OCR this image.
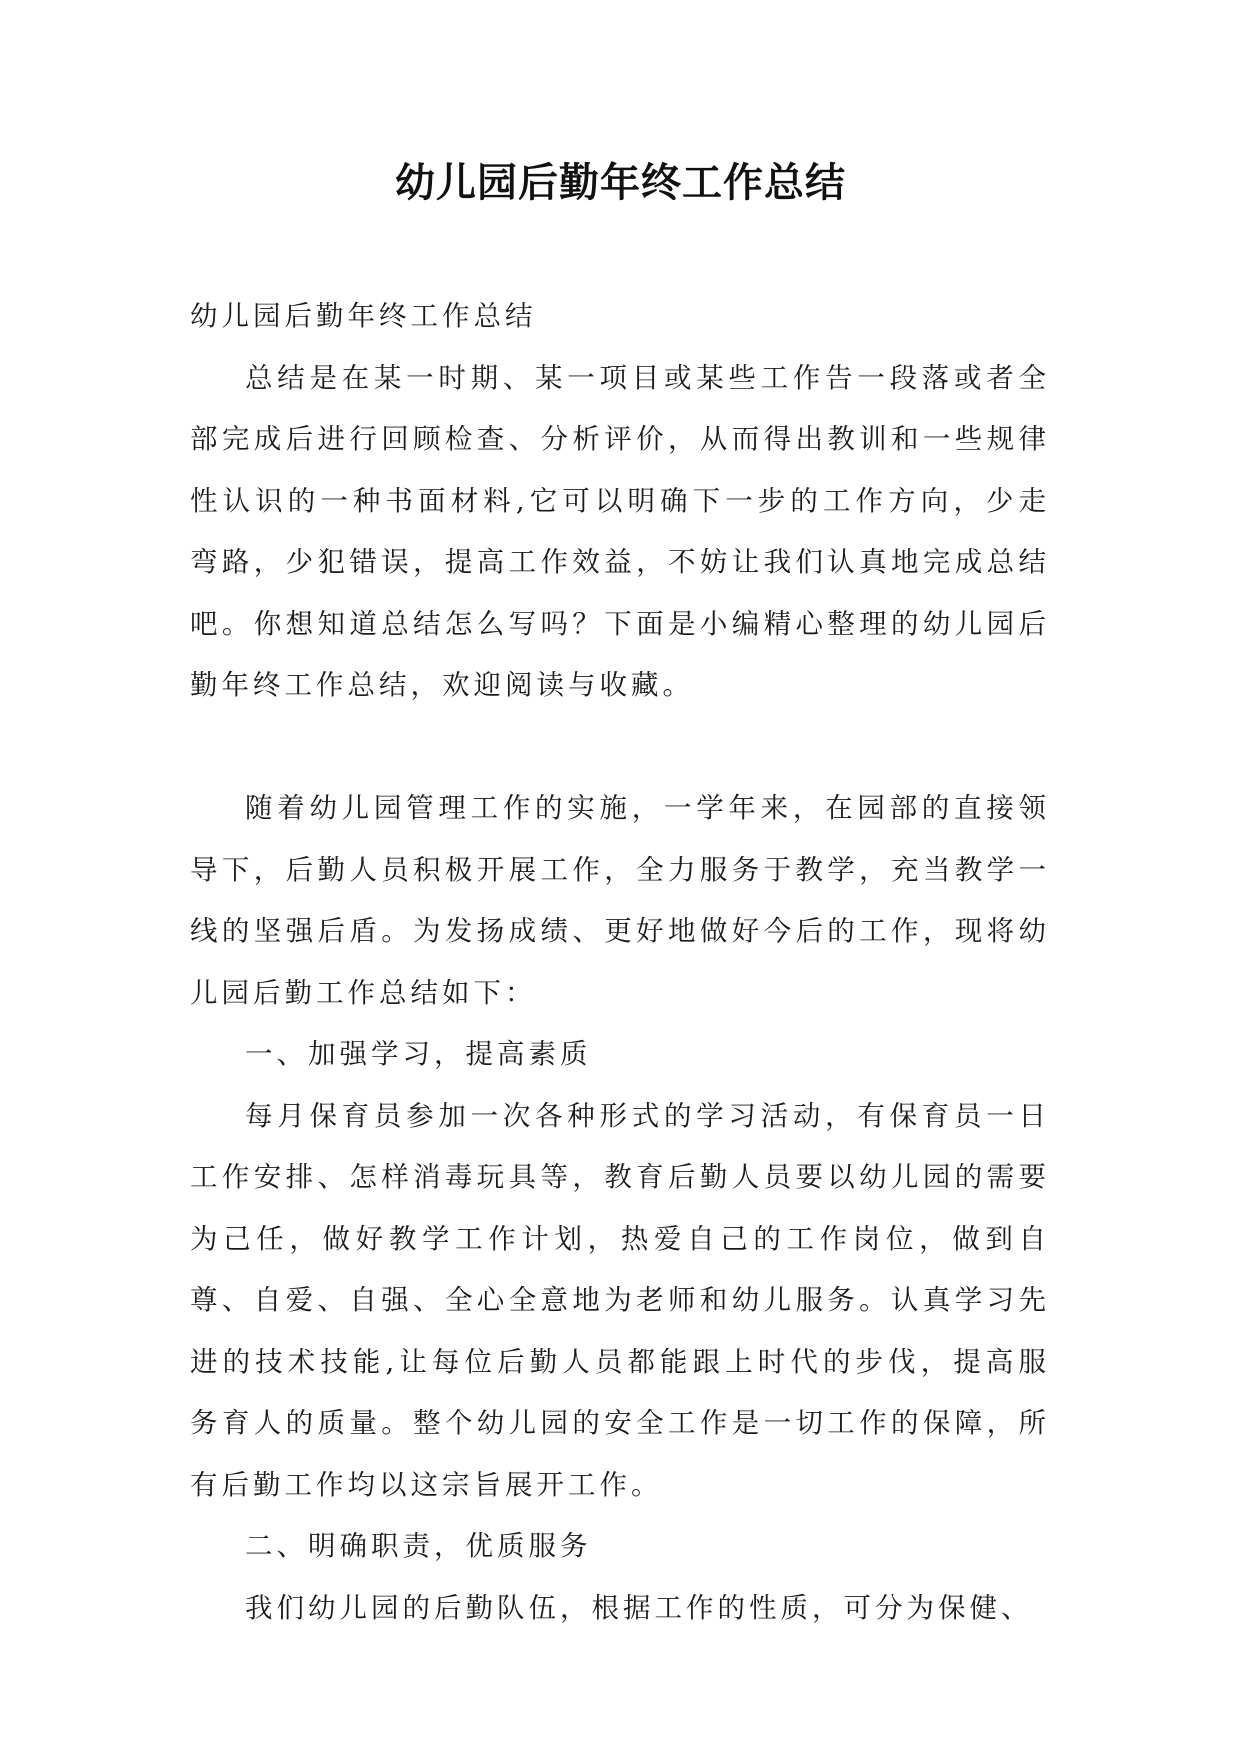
幼儿园后勤年终工作总结

幼儿园后勤年终工作总结

总结是在某一时期、某一项目或某些工作告一段落或者全部完成后进行回顾检查、分析评价，从而得出教训和一些规律性认识的一种书面材料,它可以明确下一步的工作方向，少走弯路，少犯错误，提高工作效益，不妨让我们认真地完成总结吧。你想知道总结怎么写吗？下面是小编精心整理的幼儿园后勤年终工作总结，欢迎阅读与收藏。

随着幼儿园管理工作的实施，一学年来，在园部的直接领导下，后勤人员积极开展工作，全力服务于教学，充当教学一线的坚强后盾。为发扬成绩、更好地做好今后的工作，现将幼儿园后勤工作总结如下：

一、加强学习，提高素质

每月保育员参加一次各种形式的学习活动，有保育员一日工作安排、怎样消毒玩具等，教育后勤人员要以幼儿园的需要为己任，做好教学工作计划，热爱自己的工作岗位，做到自尊、自爱、自强、全心全意地为老师和幼儿服务。认真学习先进的技术技能,让每位后勤人员都能跟上时代的步伐，提高服务育人的质量。整个幼儿园的安全工作是一切工作的保障，所有后勤工作均以这宗旨展开工作。

二、明确职责，优质服务

我们幼儿园的后勤队伍，根据工作的性质，可分为保健、
